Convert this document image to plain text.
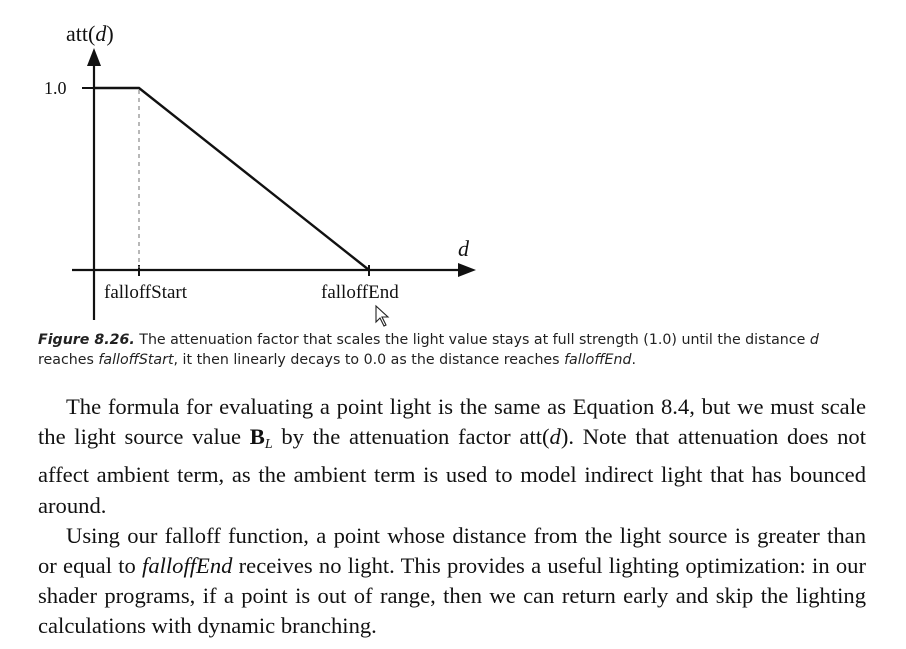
att(d)
1.0
d
falloffStart	falloffEnd
Figure 8.26. The attenuation factor that scales the light value stays at full strength (1.0) until the distance d
reaches falloffStart, it then linearly decays to 0.0 as the distance reaches falloffEnd.

The formula for evaluating a point light is the same as Equation 8.4, but we must scale the light source value $B_L$ by the attenuation factor att(d). Note that attenuation does not affect ambient term, as the ambient term is used to model indirect light that has bounced around.

Using our falloff function, a point whose distance from the light source is greater than or equal to falloffEnd receives no light. This provides a useful lighting optimization: in our shader programs, if a point is out of range, then we can return early and skip the lighting calculations with dynamic branching.
